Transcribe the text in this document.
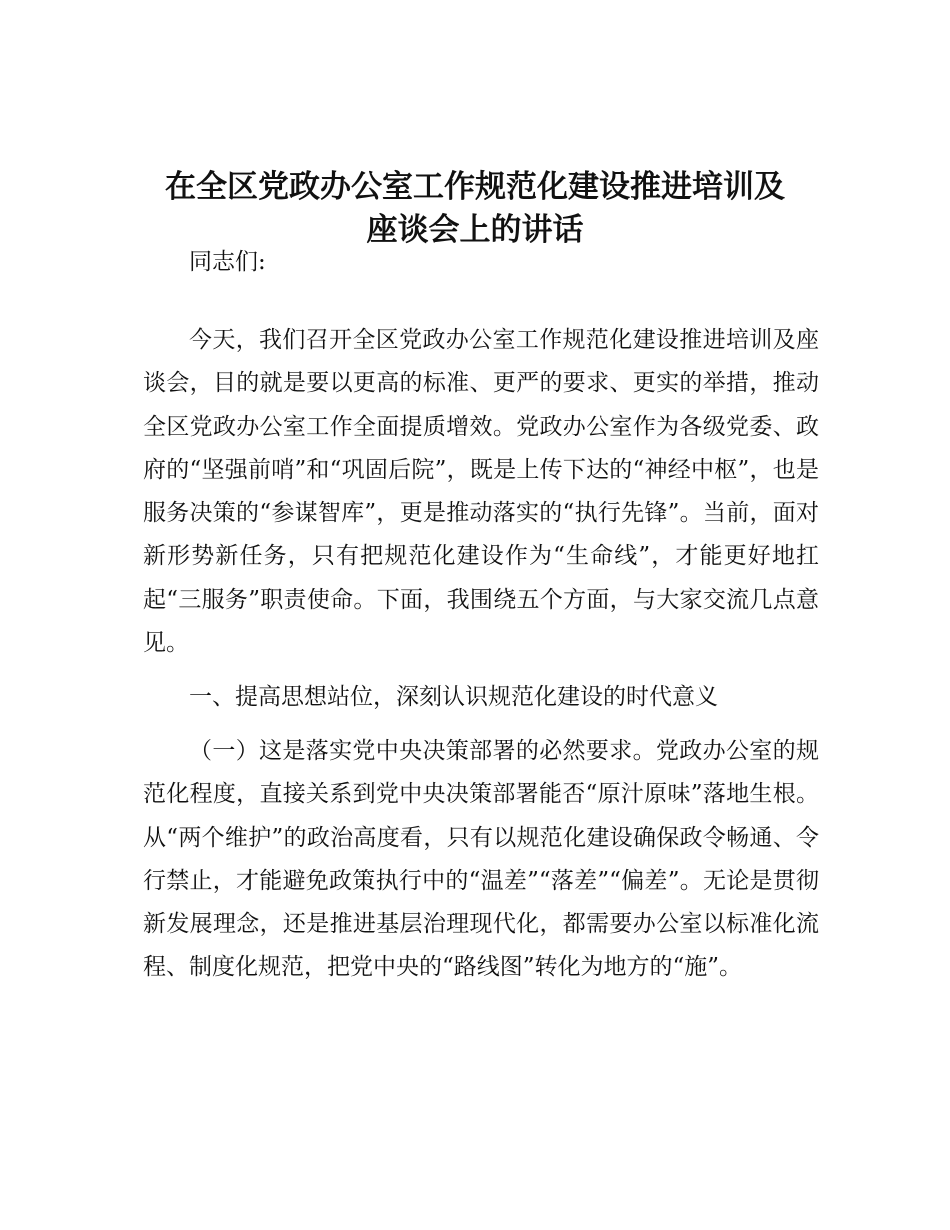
在全区党政办公室工作规范化建设推进培训及
座谈会上的讲话

同志们:

今天，我们召开全区党政办公室工作规范化建设推进培训及座谈会，目的就是要以更高的标准、更严的要求、更实的举措，推动全区党政办公室工作全面提质增效。党政办公室作为各级党委、政府的“坚强前哨”和“巩固后院”，既是上传下达的“神经中枢”，也是服务决策的“参谋智库”，更是推动落实的“执行先锋”。当前，面对新形势新任务，只有把规范化建设作为“生命线”，才能更好地扛起“三服务”职责使命。下面，我围绕五个方面，与大家交流几点意见。

一、提高思想站位，深刻认识规范化建设的时代意义

（一）这是落实党中央决策部署的必然要求。党政办公室的规范化程度，直接关系到党中央决策部署能否“原汁原味”落地生根。从“两个维护”的政治高度看，只有以规范化建设确保政令畅通、令行禁止，才能避免政策执行中的“温差”“落差”“偏差”。无论是贯彻新发展理念，还是推进基层治理现代化，都需要办公室以标准化流程、制度化规范，把党中央的“路线图”转化为地方的“施”。
